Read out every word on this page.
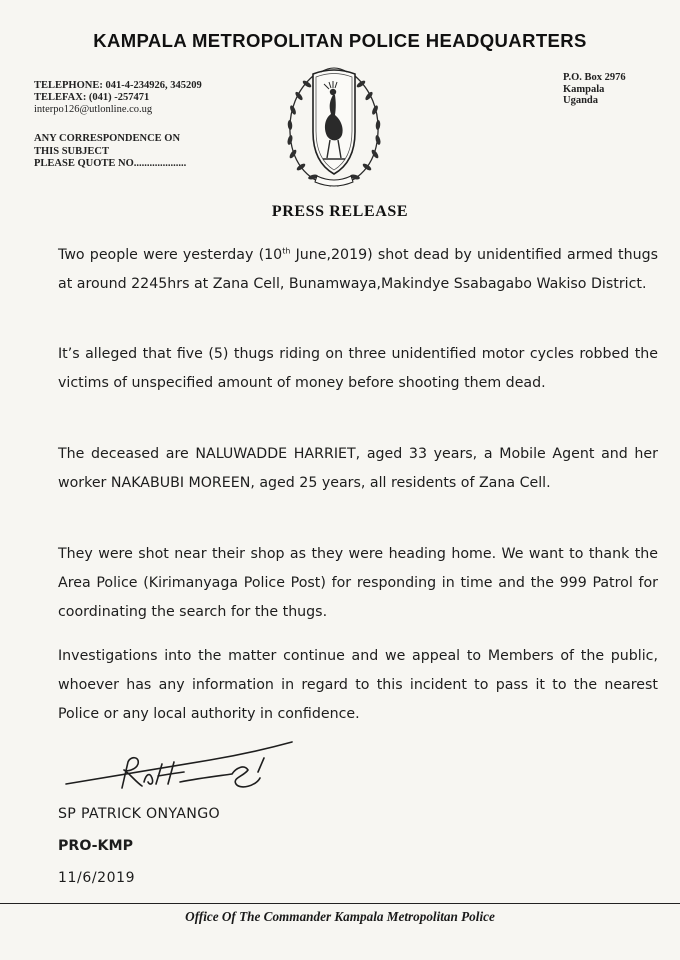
KAMPALA METROPOLITAN POLICE HEADQUARTERS
TELEPHONE: 041-4-234926, 345209
TELEFAX: (041) -257471
interpo126@utlonline.co.ug
ANY CORRESPONDENCE ON
THIS SUBJECT
PLEASE QUOTE NO....................
P.O. Box 2976
Kampala
Uganda
PRESS RELEASE

Two people were yesterday (10th June,2019) shot dead by unidentified armed thugs at around 2245hrs at Zana Cell, Bunamwaya,Makindye Ssabagabo Wakiso District.

It’s alleged that five (5) thugs riding on three unidentified motor cycles robbed the victims of unspecified amount of money before shooting them dead.

The deceased are NALUWADDE HARRIET, aged 33 years, a Mobile Agent and her worker NAKABUBI MOREEN, aged 25 years, all residents of Zana Cell.

They were shot near their shop as they were heading home. We want to thank the Area Police (Kirimanyaga Police Post) for responding in time and the 999 Patrol for coordinating the search for the thugs.

Investigations into the matter continue and we appeal to Members of the public, whoever has any information in regard to this incident to pass it to the nearest Police or any local authority in confidence.

SP PATRICK ONYANGO
PRO-KMP
11/6/2019
Office Of The Commander Kampala Metropolitan Police
